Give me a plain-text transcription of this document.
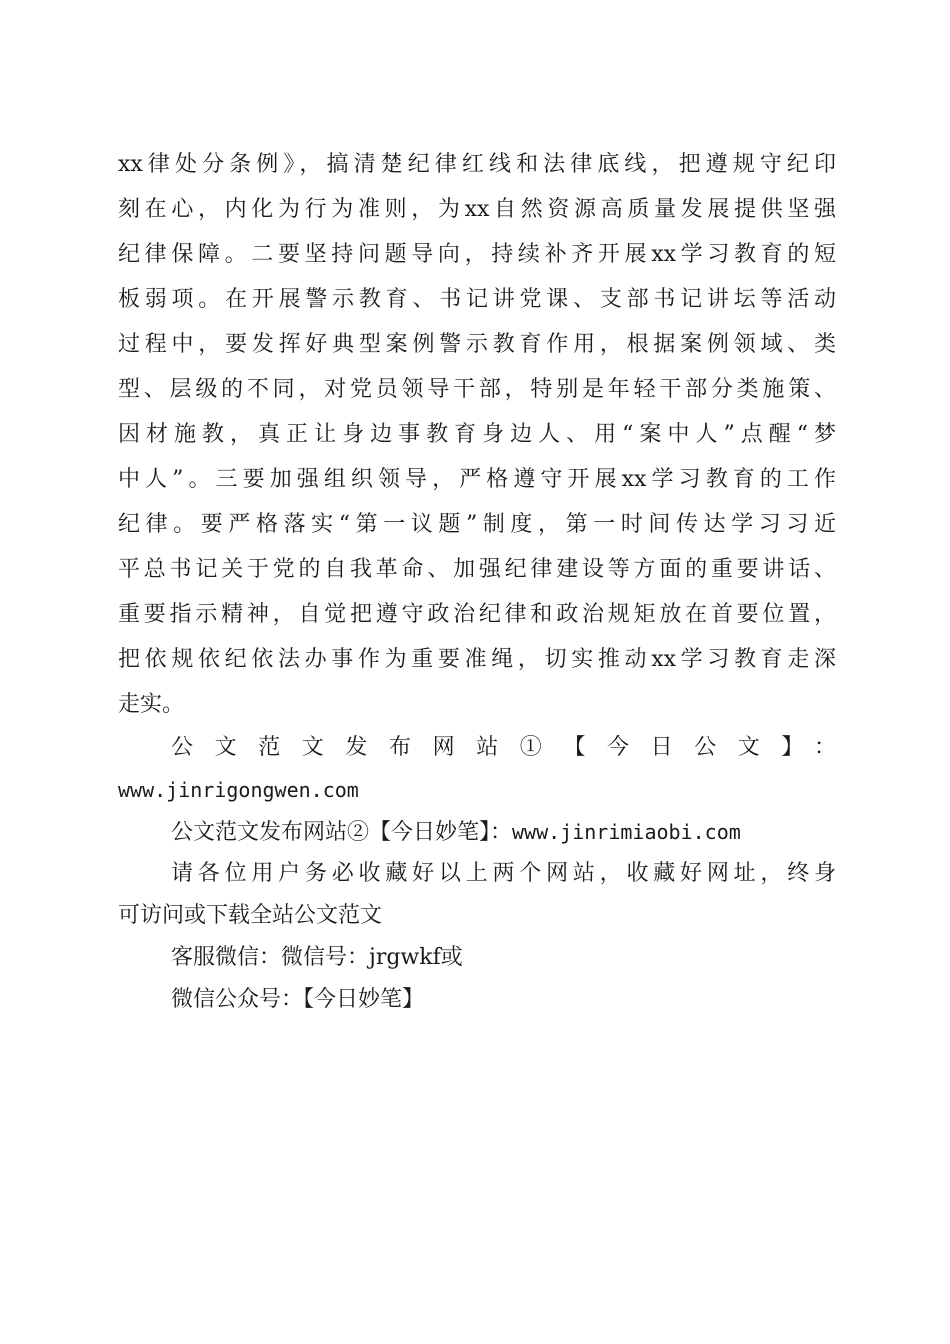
xx律处分条例》，搞清楚纪律红线和法律底线，把遵规守纪印
刻在心，内化为行为准则，为xx自然资源高质量发展提供坚强
纪律保障。二要坚持问题导向，持续补齐开展xx学习教育的短
板弱项。在开展警示教育、书记讲党课、支部书记讲坛等活动
过程中，要发挥好典型案例警示教育作用，根据案例领域、类
型、层级的不同，对党员领导干部，特别是年轻干部分类施策、
因材施教，真正让身边事教育身边人、用“案中人”点醒“梦
中人”。三要加强组织领导，严格遵守开展xx学习教育的工作
纪律。要严格落实“第一议题”制度，第一时间传达学习习近
平总书记关于党的自我革命、加强纪律建设等方面的重要讲话、
重要指示精神，自觉把遵守政治纪律和政治规矩放在首要位置，
把依规依纪依法办事作为重要准绳，切实推动xx学习教育走深
走实。
公文范文发布网站①【今日公文】：
www.jinrigongwen.com
公文范文发布网站②【今日妙笔】：www.jinrimiaobi.com
请各位用户务必收藏好以上两个网站，收藏好网址，终身
可访问或下载全站公文范文
客服微信：微信号：jrgwkf或
微信公众号：【今日妙笔】
